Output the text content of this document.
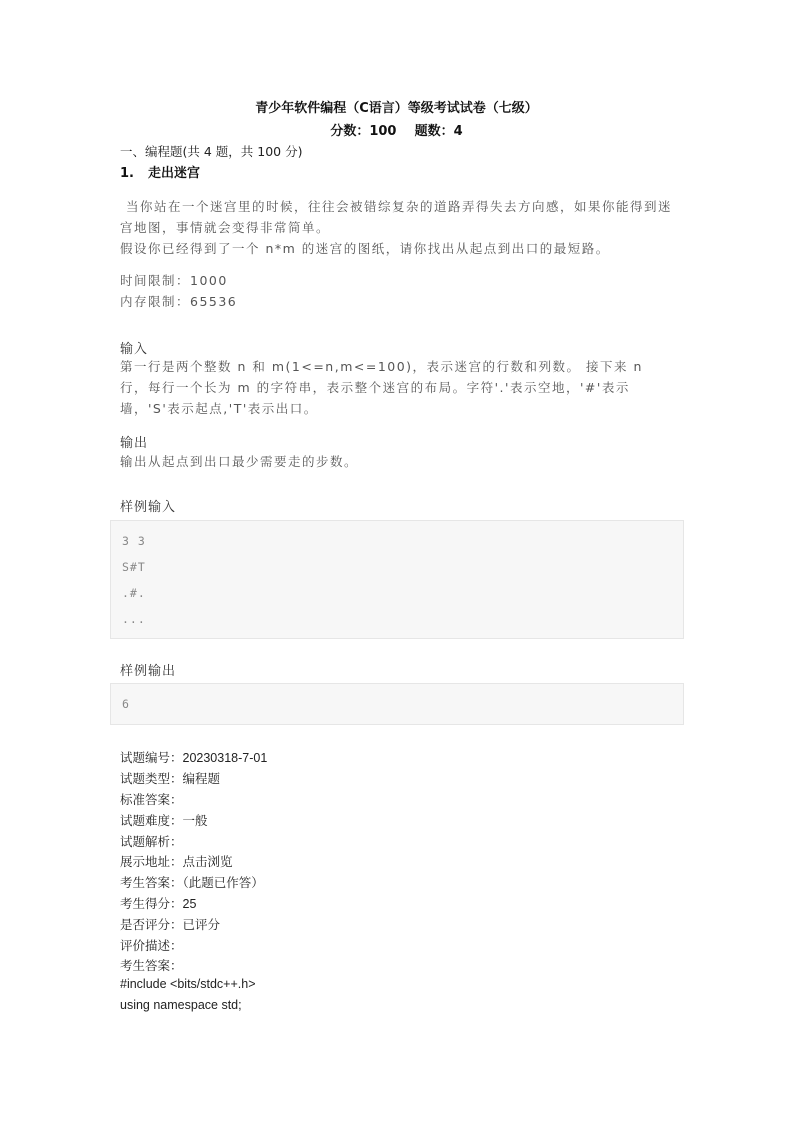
青少年软件编程（C语言）等级考试试卷（七级）
分数：100    题数：4
一、编程题(共 4 题，共 100 分)
1. 走出迷宫

当你站在一个迷宫里的时候，往往会被错综复杂的道路弄得失去方向感，如果你能得到迷宫地图，事情就会变得非常简单。

假设你已经得到了一个 n*m 的迷宫的图纸，请你找出从起点到出口的最短路。

时间限制：1000

内存限制：65536

输入

第一行是两个整数 n 和 m(1<=n,m<=100)，表示迷宫的行数和列数。 接下来 n 行，每行一个长为 m 的字符串，表示整个迷宫的布局。字符'.'表示空地，'#'表示墙，'S'表示起点,'T'表示出口。

输出

输出从起点到出口最少需要走的步数。

样例输入
3 3
S#T
.#.
...
样例输出
6
试题编号：20230318-7-01
试题类型：编程题
标准答案：
试题难度：一般
试题解析：
展示地址：点击浏览
考生答案：（此题已作答）
考生得分：25
是否评分：已评分
评价描述：
考生答案：
#include <bits/stdc++.h>
using namespace std;
